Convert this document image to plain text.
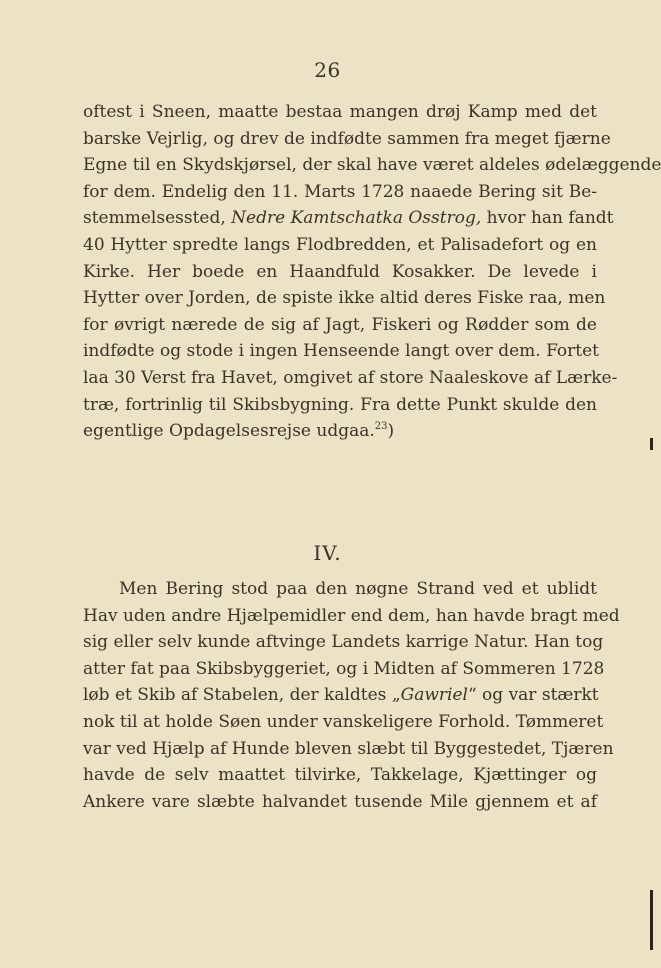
26
oftest i Sneen, maatte bestaa mangen drøj Kamp med det
barske Vejrlig, og drev de indfødte sammen fra meget fjærne
Egne til en Skydskjørsel, der skal have været aldeles ødelæggende
for dem. Endelig den 11. Marts 1728 naaede Bering sit Be-
stemmelsessted, Nedre Kamtschatka Osstrog, hvor han fandt
40 Hytter spredte langs Flodbredden, et Palisadefort og en
Kirke. Her boede en Haandfuld Kosakker. De levede i
Hytter over Jorden, de spiste ikke altid deres Fiske raa, men
for øvrigt nærede de sig af Jagt, Fiskeri og Rødder som de
indfødte og stode i ingen Henseende langt over dem. Fortet
laa 30 Verst fra Havet, omgivet af store Naaleskove af Lærke-
træ, fortrinlig til Skibsbygning. Fra dette Punkt skulde den
egentlige Opdagelsesrejse udgaa.$^{23}$)
IV.
Men Bering stod paa den nøgne Strand ved et ublidt
Hav uden andre Hjælpemidler end dem, han havde bragt med
sig eller selv kunde aftvinge Landets karrige Natur. Han tog
atter fat paa Skibsbyggeriet, og i Midten af Sommeren 1728
løb et Skib af Stabelen, der kaldtes „Gawriel“ og var stærkt
nok til at holde Søen under vanskeligere Forhold. Tømmeret
var ved Hjælp af Hunde bleven slæbt til Byggestedet, Tjæren
havde de selv maattet tilvirke, Takkelage, Kjættinger og
Ankere vare slæbte halvandet tusende Mile gjennem et af
